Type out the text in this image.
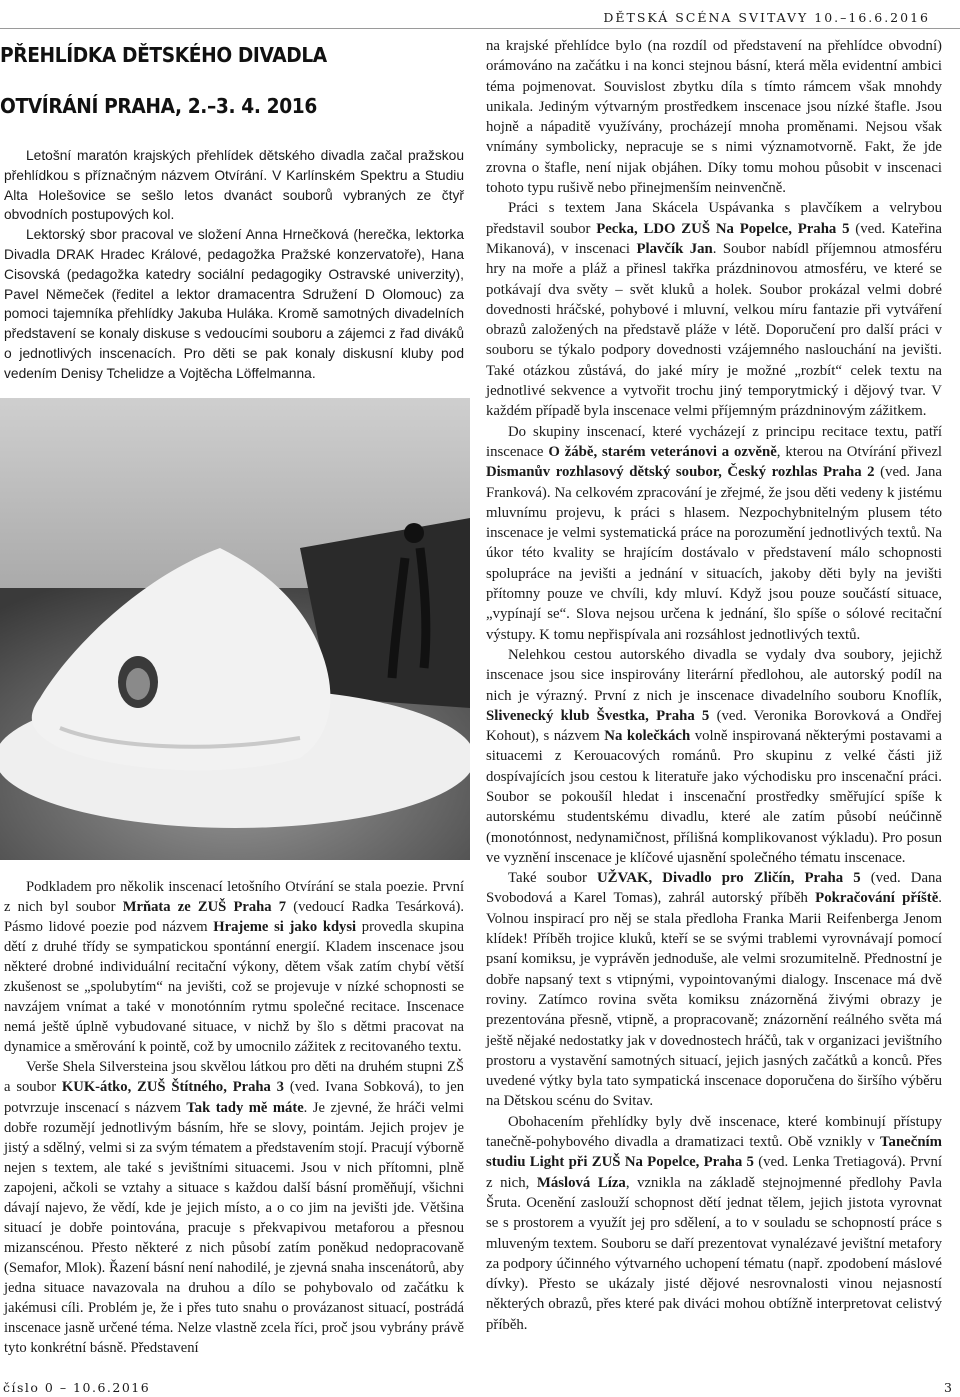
DĚTSKÁ SCÉNA SVITAVY 10.–16.6.2016
PŘEHLÍDKA DĚTSKÉHO DIVADLA
OTVÍRÁNÍ PRAHA, 2.–3. 4. 2016

Letošní maratón krajských přehlídek dětského divadla začal pražskou přehlídkou s příznačným názvem Otvírání. V Karlínském Spektru a Studiu Alta Holešovice se sešlo letos dvanáct souborů vybraných ze čtyř obvodních postupových kol.

Lektorský sbor pracoval ve složení Anna Hrnečková (herečka, lektorka Divadla DRAK Hradec Králové, pedagožka Pražské konzervatoře), Hana Cisovská (pedagožka katedry sociální pedagogiky Ostravské univerzity), Pavel Němeček (ředitel a lektor dramacentra Sdružení D Olomouc) za pomoci tajemníka přehlídky Jakuba Huláka. Kromě samotných divadelních představení se konaly diskuse s vedoucími souboru a zájemci z řad diváků o jednotlivých inscenacích. Pro děti se pak konaly diskusní kluby pod vedením Denisy Tchelidze a Vojtěcha Löffelmanna.

Podkladem pro několik inscenací letošního Otvírání se stala poezie. První z nich byl soubor Mrňata ze ZUŠ Praha 7 (vedoucí Radka Tesárková). Pásmo lidové poezie pod názvem Hrajeme si jako kdysi provedla skupina dětí z druhé třídy se sympatickou spontánní energií. Kladem inscenace jsou některé drobné individuální recitační výkony, dětem však zatím chybí větší zkušenost se „spolubytím“ na jevišti, což se projevuje v nízké schopnosti se navzájem vnímat a také v monotónním rytmu společné recitace. Inscenace nemá ještě úplně vybudované situace, v nichž by šlo s dětmi pracovat na dynamice a směrování k pointě, což by umocnilo zážitek z recitovaného textu.

Verše Shela Silversteina jsou skvělou látkou pro děti na druhém stupni ZŠ a soubor KUK-átko, ZUŠ Štítného, Praha 3 (ved. Ivana Sobková), to jen potvrzuje inscenací s názvem Tak tady mě máte. Je zjevné, že hráči velmi dobře rozumějí jednotlivým básním, hře se slovy, pointám. Jejich projev je jistý a sdělný, velmi si za svým tématem a představením stojí. Pracují výborně nejen s textem, ale také s jevištními situacemi. Jsou v nich přítomni, plně zapojeni, ačkoli se vztahy a situace s každou další básní proměňují, všichni dávají najevo, že vědí, kde je jejich místo, a o co jim na jevišti jde. Většina situací je dobře pointována, pracuje s překvapivou metaforou a přesnou mizanscénou. Přesto některé z nich působí zatím poněkud nedopracovaně (Semafor, Mlok). Řazení básní není nahodilé, je zjevná snaha inscenátorů, aby jedna situace navazovala na druhou a dílo se pohybovalo od začátku k jakémusi cíli. Problém je, že i přes tuto snahu o provázanost situací, postrádá inscenace jasně určené téma. Nelze vlastně zcela říci, proč jsou vybrány právě tyto konkrétní básně. Představení

na krajské přehlídce bylo (na rozdíl od představení na přehlídce obvodní) orámováno na začátku i na konci stejnou básní, která měla evidentní ambici téma pojmenovat. Souvislost zbytku díla s tímto rámcem však mnohdy unikala. Jediným výtvarným prostředkem inscenace jsou nízké štafle. Jsou hojně a nápaditě využívány, procházejí mnoha proměnami. Nejsou však vnímány symbolicky, nepracuje se s nimi významotvorně. Fakt, že jde zrovna o štafle, není nijak objáhen. Díky tomu mohou působit v inscenaci tohoto typu rušivě nebo přinejmenším neinvenčně.

Práci s textem Jana Skácela Uspávanka s plavčíkem a velrybou představil soubor Pecka, LDO ZUŠ Na Popelce, Praha 5 (ved. Kateřina Mikanová), v inscenaci Plavčík Jan. Soubor nabídl příjemnou atmosféru hry na moře a pláž a přinesl takřka prázdninovou atmosféru, ve které se potkávají dva světy – svět kluků a holek. Soubor prokázal velmi dobré dovednosti hráčské, pohybové i mluvní, velkou míru fantazie při vytváření obrazů založených na představě pláže v létě. Doporučení pro další práci v souboru se týkalo podpory dovednosti vzájemného naslouchání na jevišti. Také otázkou zůstává, do jaké míry je možné „rozbít“ celek textu na jednotlivé sekvence a vytvořit trochu jiný temporytmický i dějový tvar. V každém případě byla inscenace velmi příjemným prázdninovým zážitkem.

Do skupiny inscenací, které vycházejí z principu recitace textu, patří inscenace O žábě, starém veteránovi a ozvěně, kterou na Otvírání přivezl Dismanův rozhlasový dětský soubor, Český rozhlas Praha 2 (ved. Jana Franková). Na celkovém zpracování je zřejmé, že jsou děti vedeny k jistému mluvnímu projevu, k práci s hlasem. Nezpochybnitelným plusem této inscenace je velmi systematická práce na porozumění jednotlivých textů. Na úkor této kvality se hrajícím dostávalo v představení málo schopnosti spolupráce na jevišti a jednání v situacích, jakoby děti byly na jevišti přítomny pouze ve chvíli, kdy mluví. Když jsou pouze součástí situace, „vypínají se“. Slova nejsou určena k jednání, šlo spíše o sólové recitační výstupy. K tomu nepřispívala ani rozsáhlost jednotlivých textů.

Nelehkou cestou autorského divadla se vydaly dva soubory, jejichž inscenace jsou sice inspirovány literární předlohou, ale autorský podíl na nich je výrazný. První z nich je inscenace divadelního souboru Knoflík, Slivenecký klub Švestka, Praha 5 (ved. Veronika Borovková a Ondřej Kohout), s názvem Na kolečkách volně inspirovaná některými postavami a situacemi z Kerouacových románů. Pro skupinu z velké části již dospívajících jsou cestou k literatuře jako východisku pro inscenační práci. Soubor se pokoušíl hledat i inscenační prostředky směřující spíše k autorskému studentskému divadlu, které ale zatím působí neúčinně (monotónnost, nedynamičnost, přílišná komplikovanost výkladu). Pro posun ve vyznění inscenace je klíčové ujasnění společného tématu inscenace.

Také soubor UŽVAK, Divadlo pro Zličín, Praha 5 (ved. Dana Svobodová a Karel Tomas), zahrál autorský příběh Pokračování příště. Volnou inspirací pro něj se stala předloha Franka Marii Reifenberga Jenom klídek! Příběh trojice kluků, kteří se se svými trablemi vyrovnávají pomocí psaní komiksu, je vyprávěn jednoduše, ale velmi srozumitelně. Přednostní je dobře napsaný text s vtipnými, vypointovanými dialogy. Inscenace má dvě roviny. Zatímco rovina světa komiksu znázorněná živými obrazy je prezentována přesně, vtipně, a propracovaně; znázornění reálného světa má ještě nějaké nedostatky jak v dovednostech hráčů, tak v organizaci jevištního prostoru a vystavění samotných situací, jejich jasných začátků a konců. Přes uvedené výtky byla tato sympatická inscenace doporučena do širšího výběru na Dětskou scénu do Svitav.

Obohacením přehlídky byly dvě inscenace, které kombinují přístupy tanečně-pohybového divadla a dramatizaci textů. Obě vznikly v Tanečním studiu Light při ZUŠ Na Popelce, Praha 5 (ved. Lenka Tretiagová). První z nich, Máslová Líza, vznikla na základě stejnojmenné předlohy Pavla Šruta. Ocenění zaslouží schopnost dětí jednat tělem, jejich jistota vyrovnat se s prostorem a využít jej pro sdělení, a to v souladu se schopností práce s mluveným textem. Souboru se daří prezentovat vynalézavé jevištní metafory za podpory účinného výtvarného uchopení tématu (např. zpodobení máslové dívky). Přesto se ukázaly jisté dějové nesrovnalosti vinou nejasností některých obrazů, přes které pak diváci mohou obtížně interpretovat celistvý příběh.

číslo 0 – 10.6.2016	3
